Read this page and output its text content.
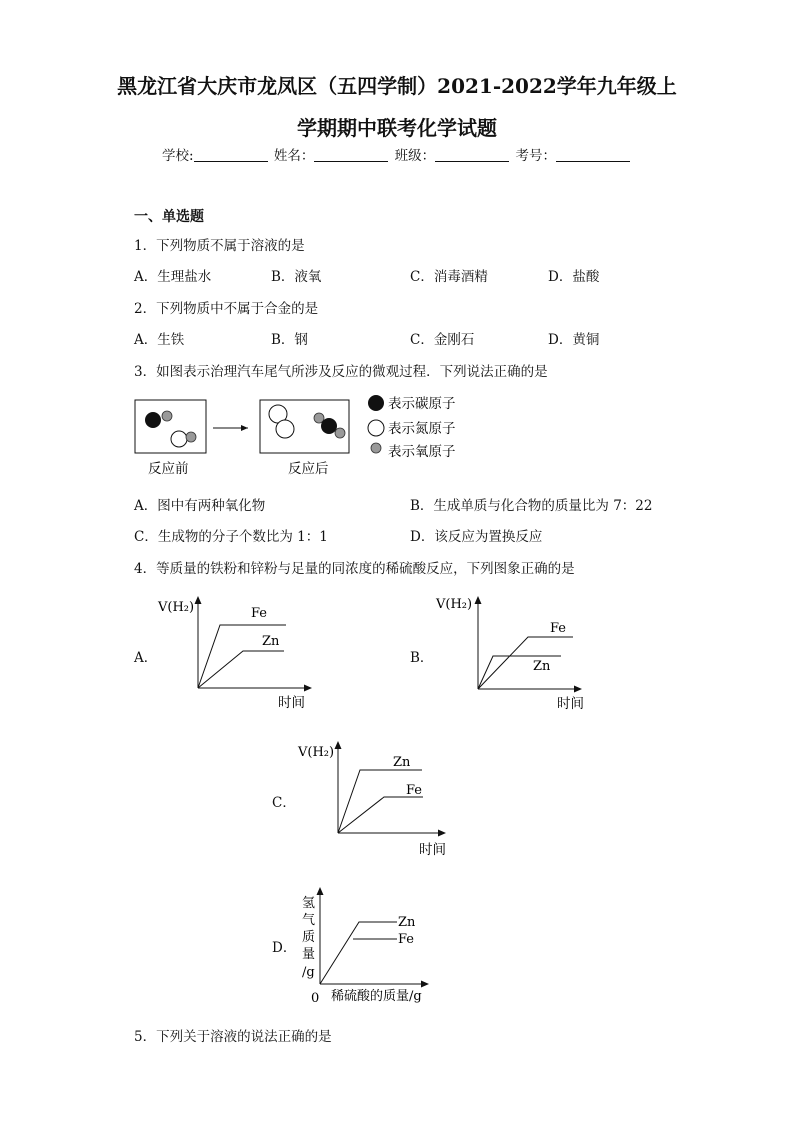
黑龙江省大庆市龙凤区（五四学制）2021-2022学年九年级上
学期期中联考化学试题
学校:	姓名：	班级：	考号：
一、单选题
1．下列物质不属于溶液的是
A．生理盐水	B．液氧	C．消毒酒精	D．盐酸
2．下列物质中不属于合金的是
A．生铁	B．钢	C．金刚石	D．黄铜
3．如图表示治理汽车尾气所涉及反应的微观过程．下列说法正确的是
反应前	反应后
表示碳原子
表示氮原子
表示氧原子
A．图中有两种氧化物	B．生成单质与化合物的质量比为 7：22
C．生成物的分子个数比为 1：1	D．该反应为置换反应
4．等质量的铁粉和锌粉与足量的同浓度的稀硫酸反应，下列图象正确的是
A．
V(H₂)	Fe
Zn
时间
B．
V(H₂)
Fe
Zn
时间
C．
V(H₂)
Zn
Fe
时间
D．
Zn
Fe
氢
气
质
量
/g
0 稀硫酸的质量/g
5．下列关于溶液的说法正确的是
